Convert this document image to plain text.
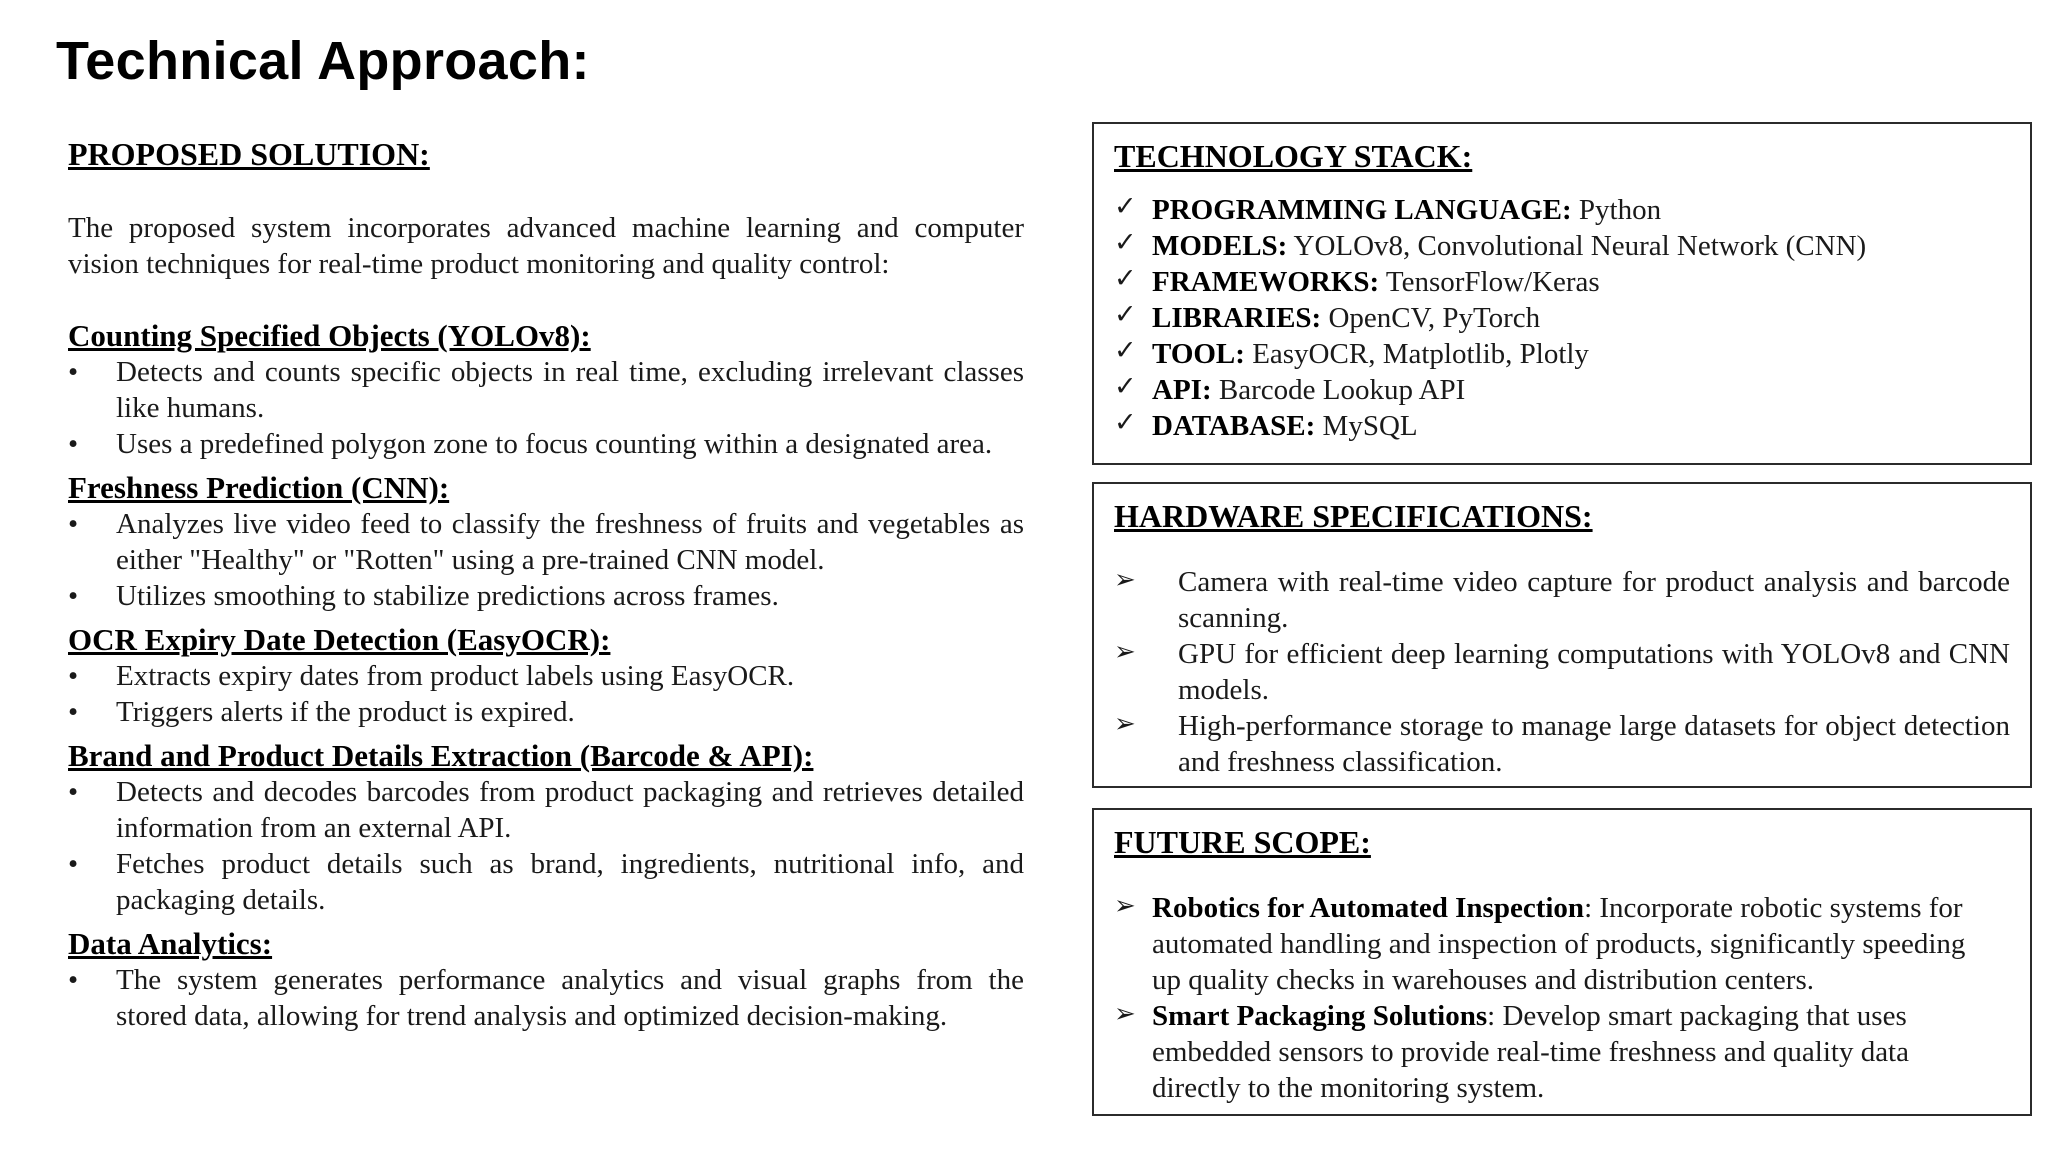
Technical Approach:
PROPOSED SOLUTION:

The proposed system incorporates advanced machine learning and computer vision techniques for real-time product monitoring and quality control:

Counting Specified Objects (YOLOv8):
•	Detects and counts specific objects in real time, excluding irrelevant classes like humans.
•	Uses a predefined polygon zone to focus counting within a designated area.
Freshness Prediction (CNN):
•	Analyzes live video feed to classify the freshness of fruits and vegetables as either "Healthy" or "Rotten" using a pre-trained CNN model.
•	Utilizes smoothing to stabilize predictions across frames.
OCR Expiry Date Detection (EasyOCR):
•	Extracts expiry dates from product labels using EasyOCR.
•	Triggers alerts if the product is expired.
Brand and Product Details Extraction (Barcode & API):
•	Detects and decodes barcodes from product packaging and retrieves detailed information from an external API.
•	Fetches product details such as brand, ingredients, nutritional info, and packaging details.
Data Analytics:
•	The system generates performance analytics and visual graphs from the stored data, allowing for trend analysis and optimized decision-making.
TECHNOLOGY STACK:
✓ PROGRAMMING LANGUAGE: Python
✓ MODELS: YOLOv8, Convolutional Neural Network (CNN)
✓ FRAMEWORKS: TensorFlow/Keras
✓ LIBRARIES: OpenCV, PyTorch
✓ TOOL: EasyOCR, Matplotlib, Plotly
✓ API: Barcode Lookup API
✓ DATABASE: MySQL
HARDWARE SPECIFICATIONS:
➢ Camera with real-time video capture for product analysis and barcode scanning.
➢ GPU for efficient deep learning computations with YOLOv8 and CNN models.
➢ High-performance storage to manage large datasets for object detection and freshness classification.
FUTURE SCOPE:
➢ Robotics for Automated Inspection: Incorporate robotic systems for automated handling and inspection of products, significantly speeding up quality checks in warehouses and distribution centers.
➢ Smart Packaging Solutions: Develop smart packaging that uses embedded sensors to provide real-time freshness and quality data directly to the monitoring system.
